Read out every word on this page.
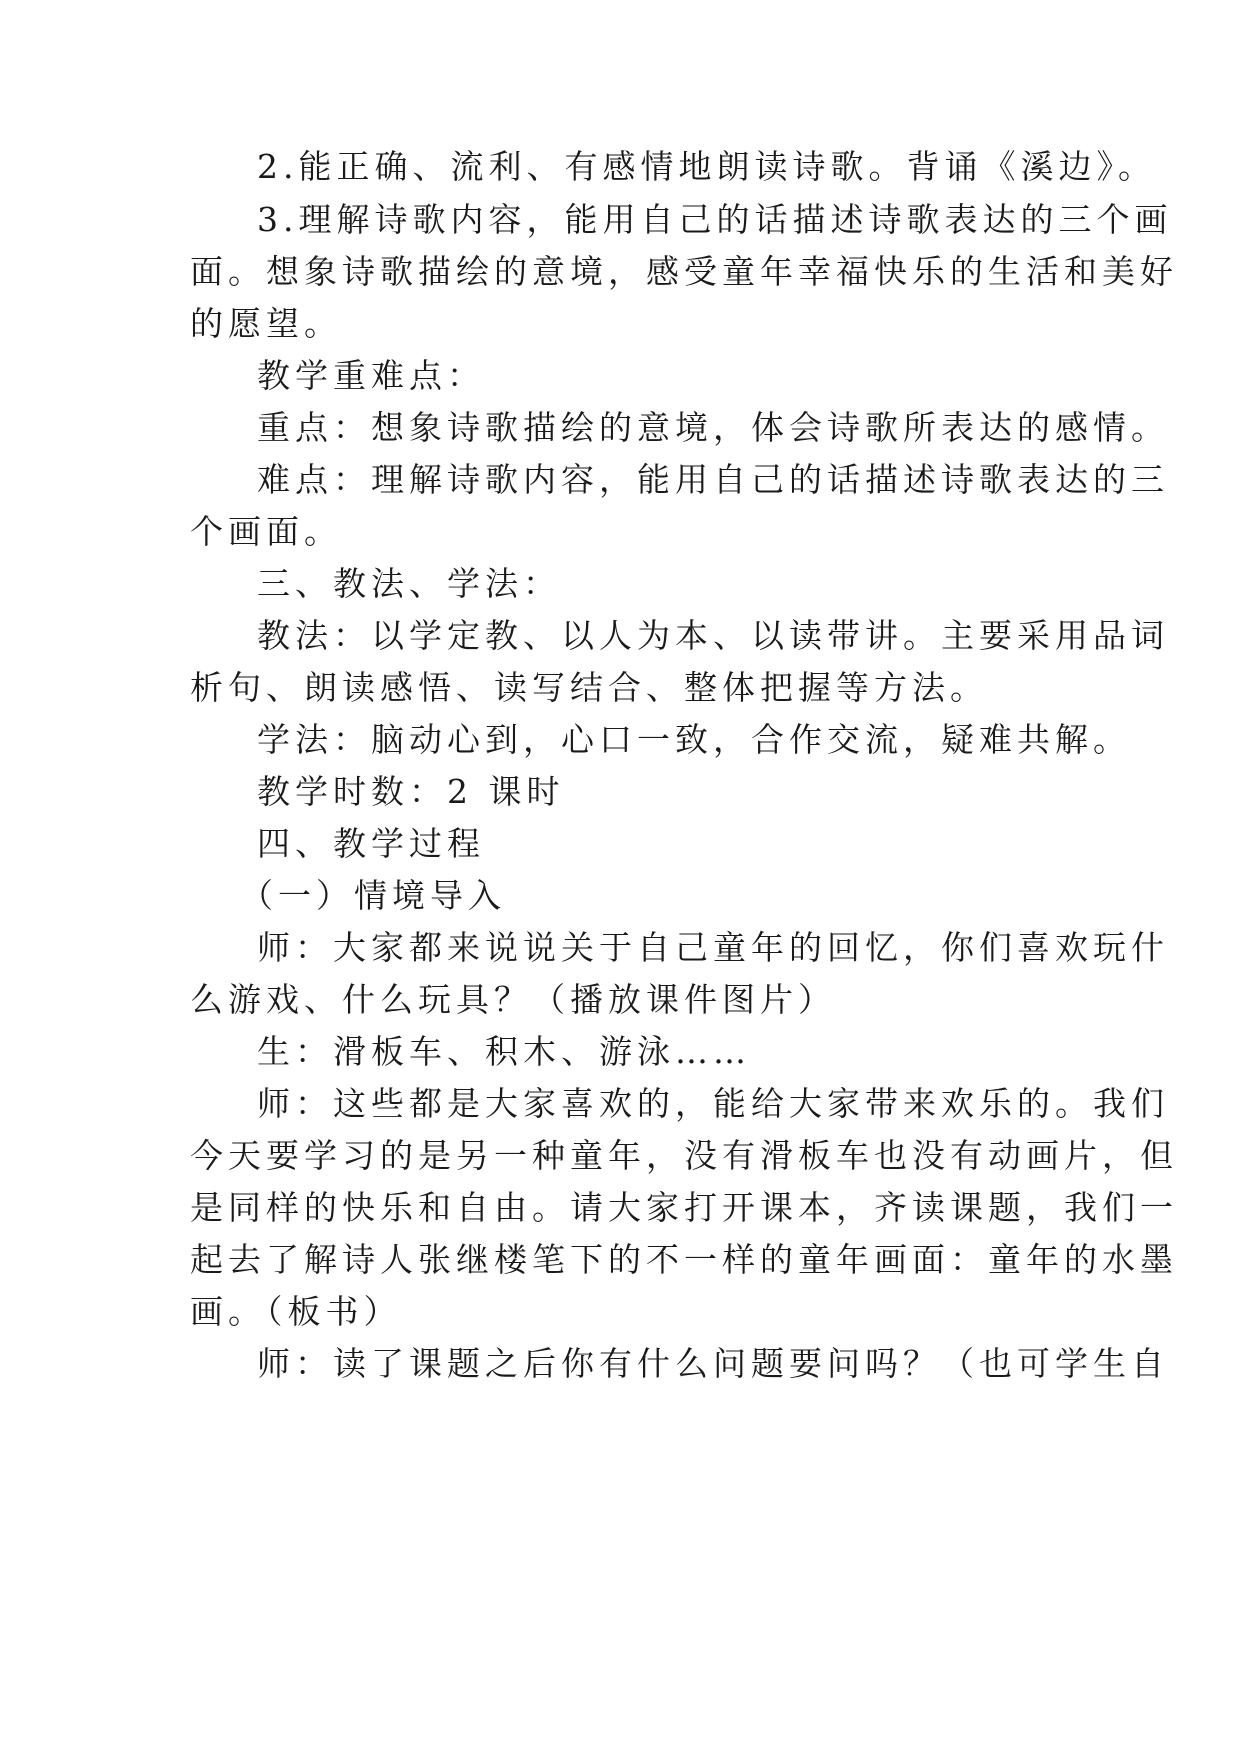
2.能正确、流利、有感情地朗读诗歌。背诵《溪边》。
3.理解诗歌内容，能用自己的话描述诗歌表达的三个画
面。想象诗歌描绘的意境，感受童年幸福快乐的生活和美好
的愿望。
教学重难点：
重点：想象诗歌描绘的意境，体会诗歌所表达的感情。
难点：理解诗歌内容，能用自己的话描述诗歌表达的三
个画面。
三、教法、学法：
教法：以学定教、以人为本、以读带讲。主要采用品词
析句、朗读感悟、读写结合、整体把握等方法。
学法：脑动心到，心口一致，合作交流，疑难共解。
教学时数：2 课时
四、教学过程
（一）情境导入
师：大家都来说说关于自己童年的回忆，你们喜欢玩什
么游戏、什么玩具？（播放课件图片）
生：滑板车、积木、游泳……
师：这些都是大家喜欢的，能给大家带来欢乐的。我们
今天要学习的是另一种童年，没有滑板车也没有动画片，但
是同样的快乐和自由。请大家打开课本，齐读课题，我们一
起去了解诗人张继楼笔下的不一样的童年画面：童年的水墨
画。（板书）
师：读了课题之后你有什么问题要问吗？（也可学生自
